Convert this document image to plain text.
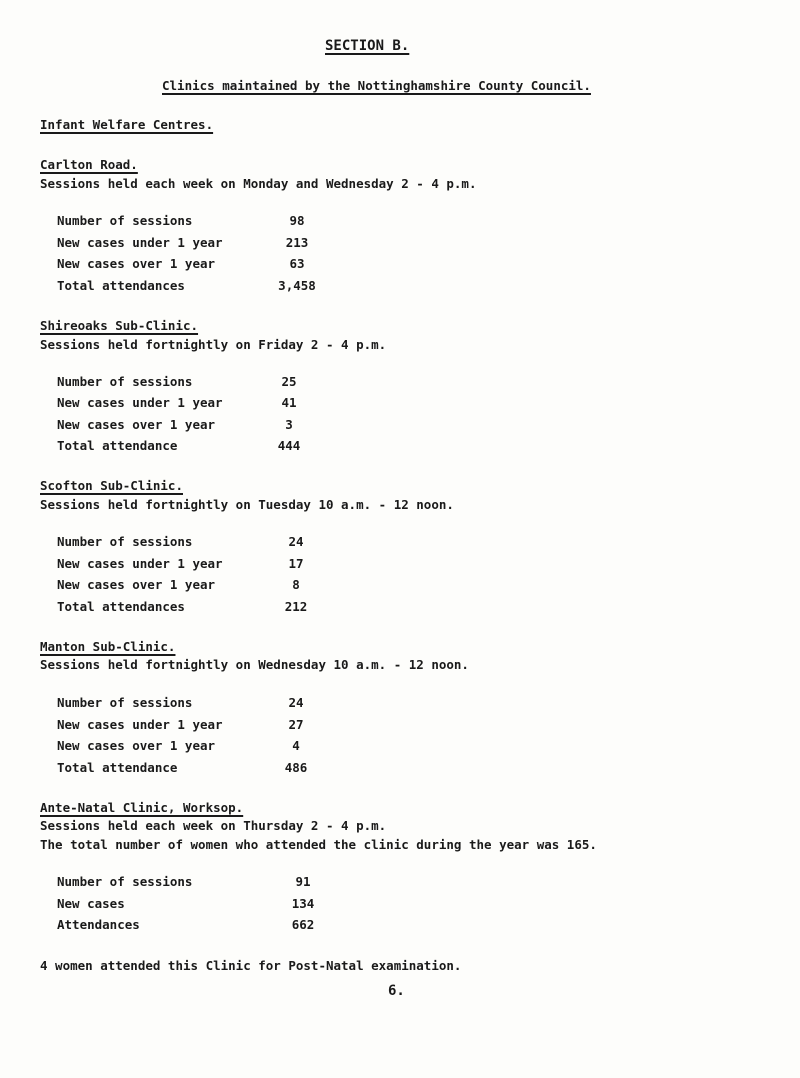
SECTION B.
Clinics maintained by the Nottinghamshire County Council.
Infant Welfare Centres.
Carlton Road.
Sessions held each week on Monday and Wednesday 2 - 4 p.m.
Number of sessions	98
New cases under 1 year	213
New cases over 1 year	63
Total attendances	3,458
Shireoaks Sub-Clinic.
Sessions held fortnightly on Friday 2 - 4 p.m.
Number of sessions	25
New cases under 1 year	41
New cases over 1 year	3
Total attendance	444
Scofton Sub-Clinic.
Sessions held fortnightly on Tuesday 10 a.m. - 12 noon.
Number of sessions	24
New cases under 1 year	17
New cases over 1 year	8
Total attendances	212
Manton Sub-Clinic.
Sessions held fortnightly on Wednesday 10 a.m. - 12 noon.
Number of sessions	24
New cases under 1 year	27
New cases over 1 year	4
Total attendance	486
Ante-Natal Clinic, Worksop.
Sessions held each week on Thursday 2 - 4 p.m.
The total number of women who attended the clinic during the year was 165.
Number of sessions	91
New cases	134
Attendances	662
4 women attended this Clinic for Post-Natal examination.
6.
